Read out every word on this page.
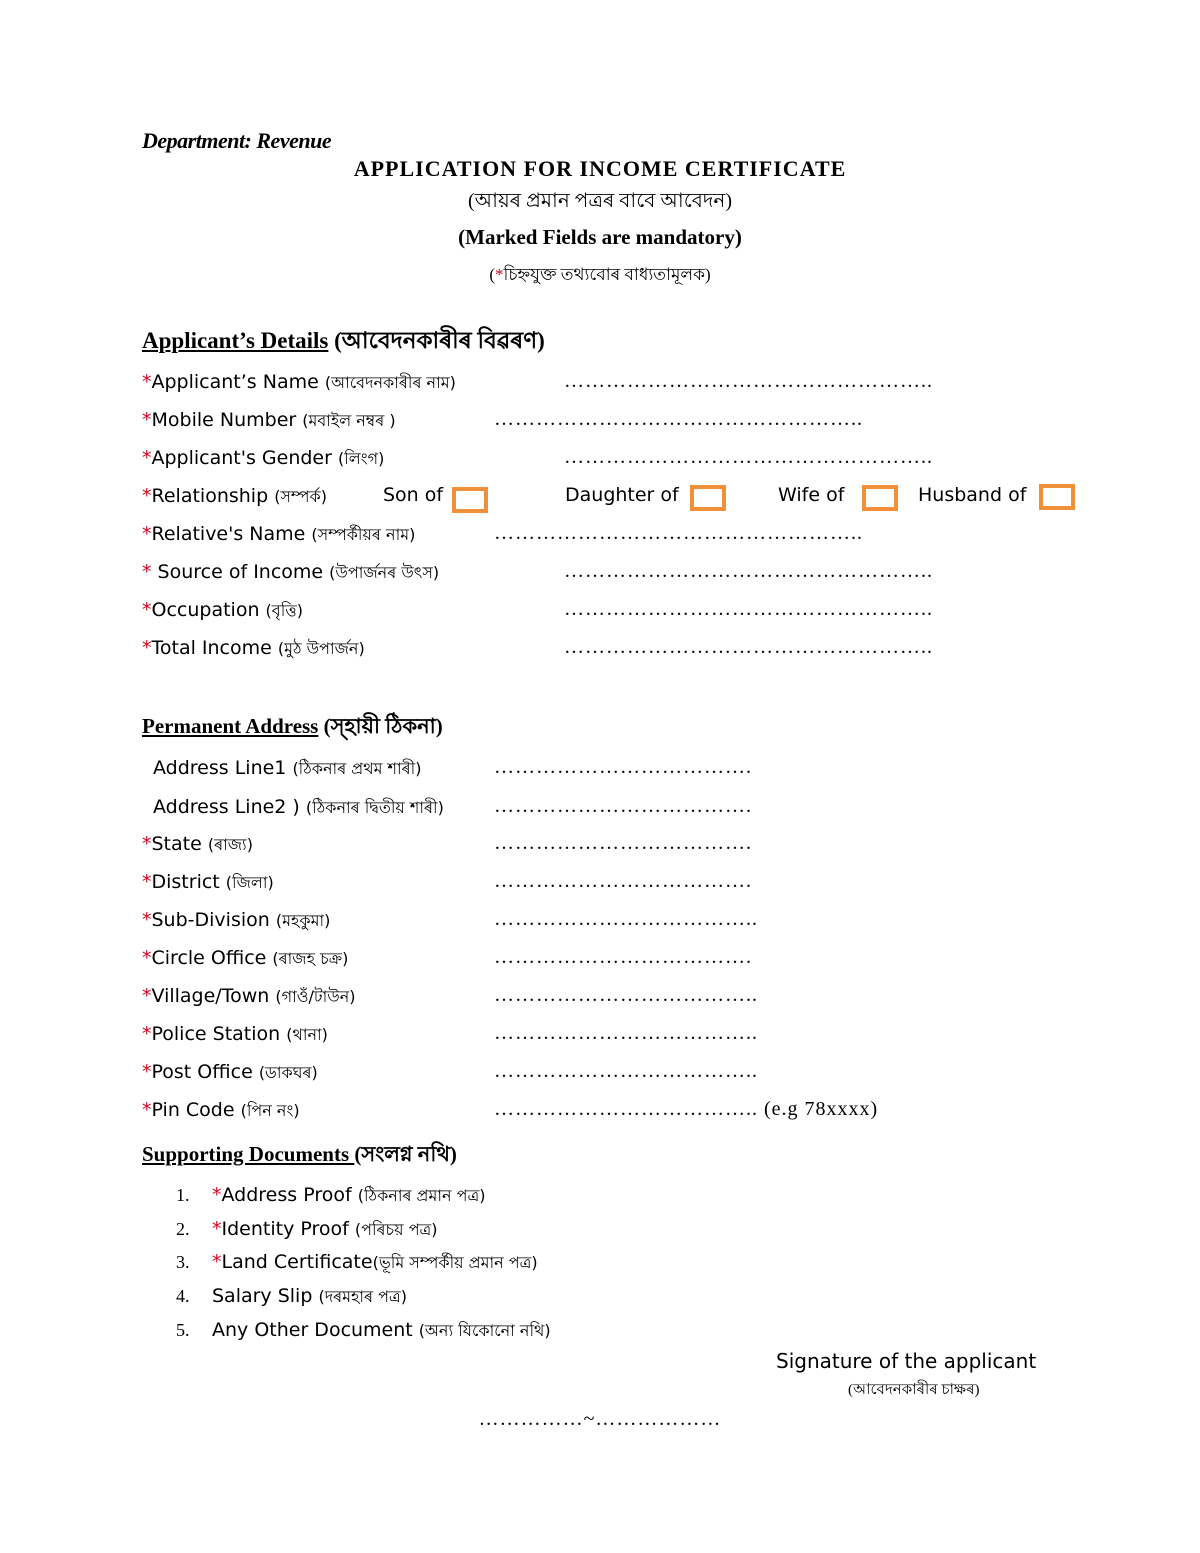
Department: Revenue
APPLICATION FOR INCOME CERTIFICATE
(আয়ৰ প্ৰমান পত্ৰৰ বাবে আবেদন)
(Marked Fields are mandatory)
(*চিহ্নযুক্ত তথ্যবোৰ বাধ্যতামূলক)
Applicant’s Details (আবেদনকাৰীৰ বিৱৰণ)
*Applicant’s Name (আবেদনকাৰীৰ নাম)	……………………………………………..
*Mobile Number (মবাইল নম্বৰ )	……………………………………………..
*Applicant's Gender (লিংগ)	……………………………………………..
*Relationship (সম্পৰ্ক)	Son of	Daughter of	Wife of	Husband of
*Relative's Name (সম্পৰ্কীয়ৰ নাম)	……………………………………………..
* Source of Income (উপাৰ্জনৰ উৎস)	……………………………………………..
*Occupation (বৃত্তি)	……………………………………………..
*Total Income (মুঠ উপাৰ্জন)	……………………………………………..
Permanent Address (স্হায়ী ঠিকনা)
Address Line1 (ঠিকনাৰ প্ৰথম শাৰী)	……………………………….
Address Line2 ) (ঠিকনাৰ দ্বিতীয় শাৰী)	……………………………….
*State (ৰাজ্য)	……………………………….
*District (জিলা)	……………………………….
*Sub-Division (মহকুমা)	………………………………..
*Circle Office (ৰাজহ চক্ৰ)	……………………………….
*Village/Town (গাওঁ/টাউন)	………………………………..
*Police Station (থানা)	………………………………..
*Post Office (ডাকঘৰ)	………………………………..
*Pin Code (পিন নং)	……………………………….. (e.g 78xxxx)
Supporting Documents (সংলগ্ন নথি)
1. *Address Proof (ঠিকনাৰ প্ৰমান পত্ৰ)
2. *Identity Proof (পৰিচয় পত্ৰ)
3. *Land Certificate(ভূমি সম্পৰ্কীয় প্ৰমান পত্ৰ)
4. Salary Slip (দৰমহাৰ পত্ৰ)
5. Any Other Document (অন্য যিকোনো নথি)
Signature of the applicant
(আবেদনকাৰীৰ চাক্ষৰ)
……………~………………
